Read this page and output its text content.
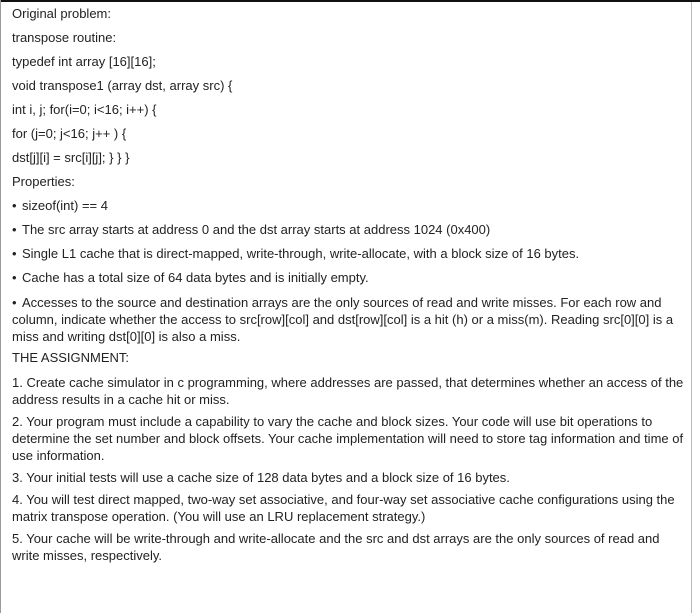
Original problem:
transpose routine:
typedef int array [16][16];
void transpose1 (array dst, array src) {
int i, j; for(i=0; i<16; i++) {
for (j=0; j<16; j++ ) {
dst[j][i] = src[i][j]; } } }
Properties:
• sizeof(int) == 4
• The src array starts at address 0 and the dst array starts at address 1024 (0x400)
• Single L1 cache that is direct-mapped, write-through, write-allocate, with a block size of 16 bytes.
• Cache has a total size of 64 data bytes and is initially empty.
• Accesses to the source and destination arrays are the only sources of read and write misses. For each row and column, indicate whether the access to src[row][col] and dst[row][col] is a hit (h) or a miss(m). Reading src[0][0] is a miss and writing dst[0][0] is also a miss.
THE ASSIGNMENT:
1. Create cache simulator in c programming, where addresses are passed, that determines whether an access of the address results in a cache hit or miss.
2. Your program must include a capability to vary the cache and block sizes. Your code will use bit operations to determine the set number and block offsets. Your cache implementation will need to store tag information and time of use information.
3. Your initial tests will use a cache size of 128 data bytes and a block size of 16 bytes.
4. You will test direct mapped, two-way set associative, and four-way set associative cache configurations using the matrix transpose operation. (You will use an LRU replacement strategy.)
5. Your cache will be write-through and write-allocate and the src and dst arrays are the only sources of read and write misses, respectively.
